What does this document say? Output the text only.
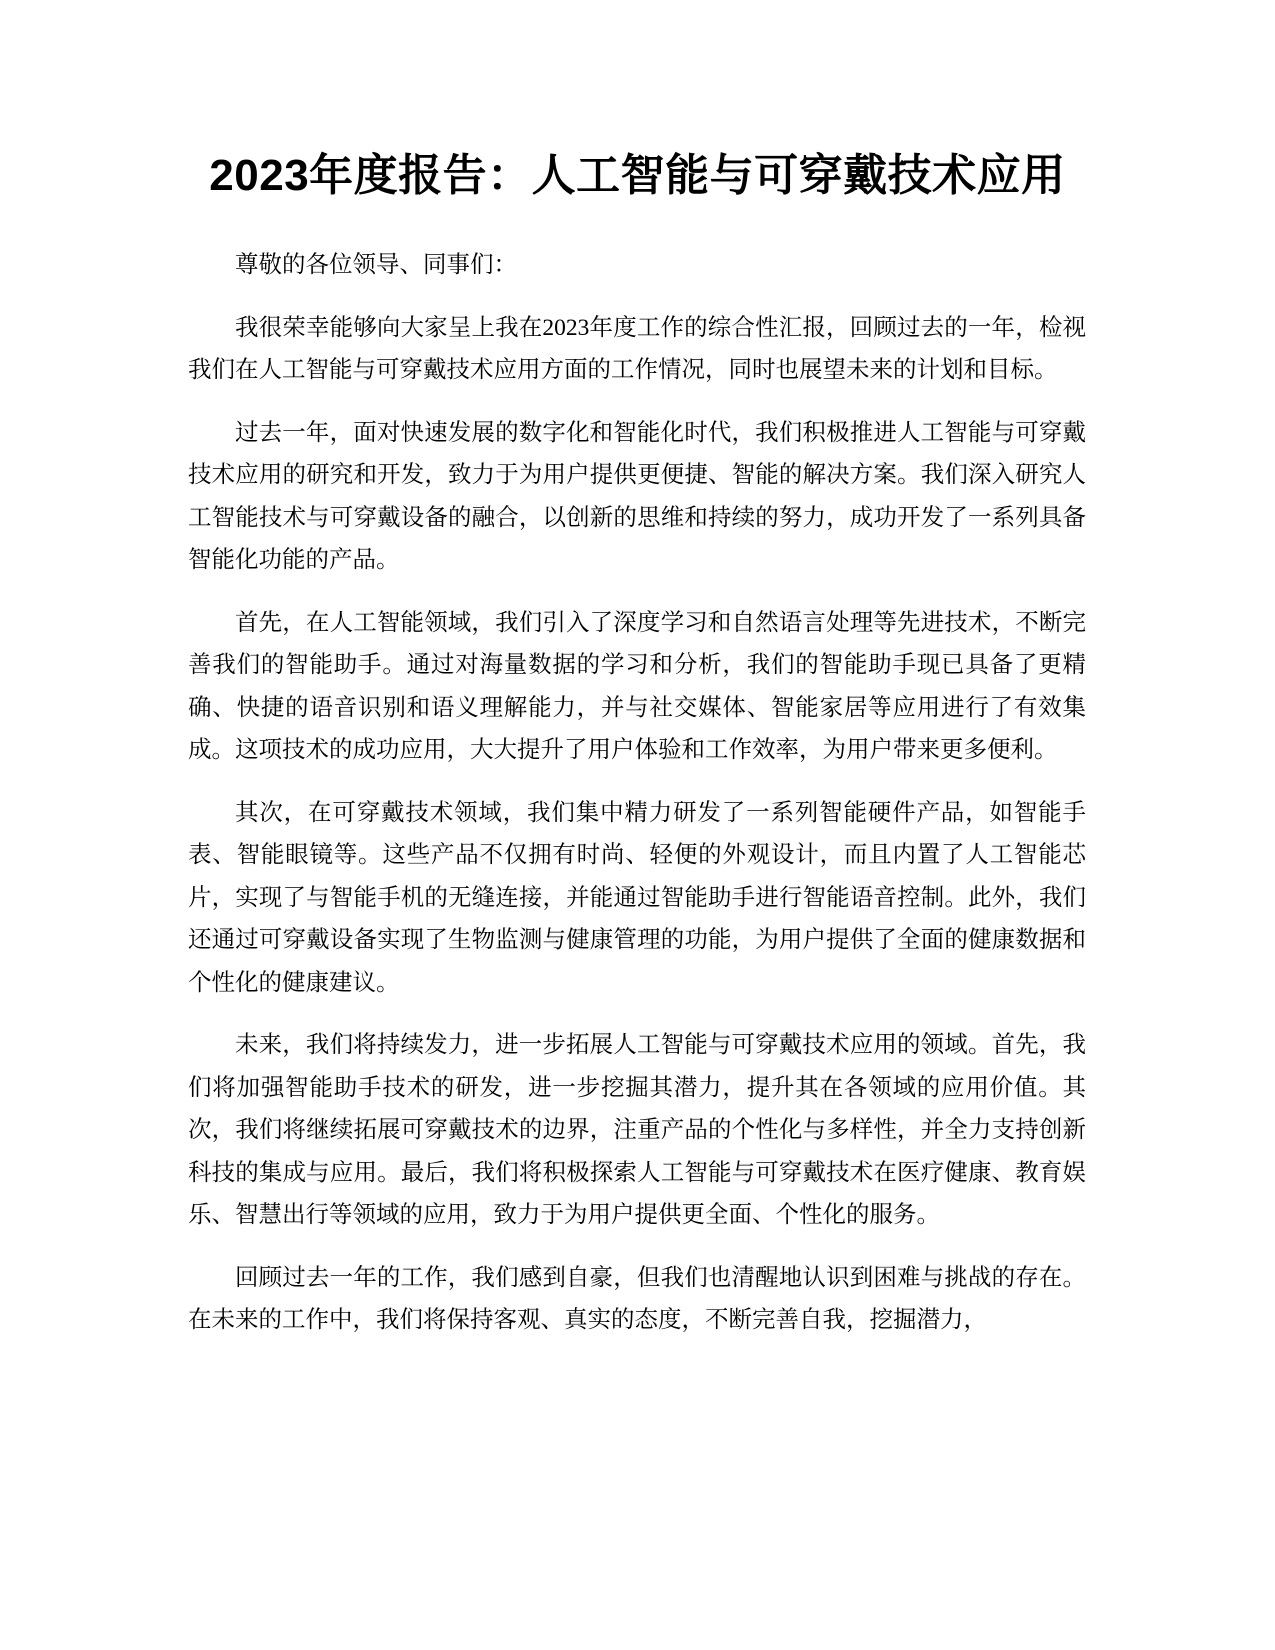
2023年度报告：人工智能与可穿戴技术应用

尊敬的各位领导、同事们：

我很荣幸能够向大家呈上我在2023年度工作的综合性汇报，回顾过去的一年，检视我们在人工智能与可穿戴技术应用方面的工作情况，同时也展望未来的计划和目标。

过去一年，面对快速发展的数字化和智能化时代，我们积极推进人工智能与可穿戴技术应用的研究和开发，致力于为用户提供更便捷、智能的解决方案。我们深入研究人工智能技术与可穿戴设备的融合，以创新的思维和持续的努力，成功开发了一系列具备智能化功能的产品。

首先，在人工智能领域，我们引入了深度学习和自然语言处理等先进技术，不断完善我们的智能助手。通过对海量数据的学习和分析，我们的智能助手现已具备了更精确、快捷的语音识别和语义理解能力，并与社交媒体、智能家居等应用进行了有效集成。这项技术的成功应用，大大提升了用户体验和工作效率，为用户带来更多便利。

其次，在可穿戴技术领域，我们集中精力研发了一系列智能硬件产品，如智能手表、智能眼镜等。这些产品不仅拥有时尚、轻便的外观设计，而且内置了人工智能芯片，实现了与智能手机的无缝连接，并能通过智能助手进行智能语音控制。此外，我们还通过可穿戴设备实现了生物监测与健康管理的功能，为用户提供了全面的健康数据和个性化的健康建议。

未来，我们将持续发力，进一步拓展人工智能与可穿戴技术应用的领域。首先，我们将加强智能助手技术的研发，进一步挖掘其潜力，提升其在各领域的应用价值。其次，我们将继续拓展可穿戴技术的边界，注重产品的个性化与多样性，并全力支持创新科技的集成与应用。最后，我们将积极探索人工智能与可穿戴技术在医疗健康、教育娱乐、智慧出行等领域的应用，致力于为用户提供更全面、个性化的服务。

回顾过去一年的工作，我们感到自豪，但我们也清醒地认识到困难与挑战的存在。在未来的工作中，我们将保持客观、真实的态度，不断完善自我，挖掘潜力，
